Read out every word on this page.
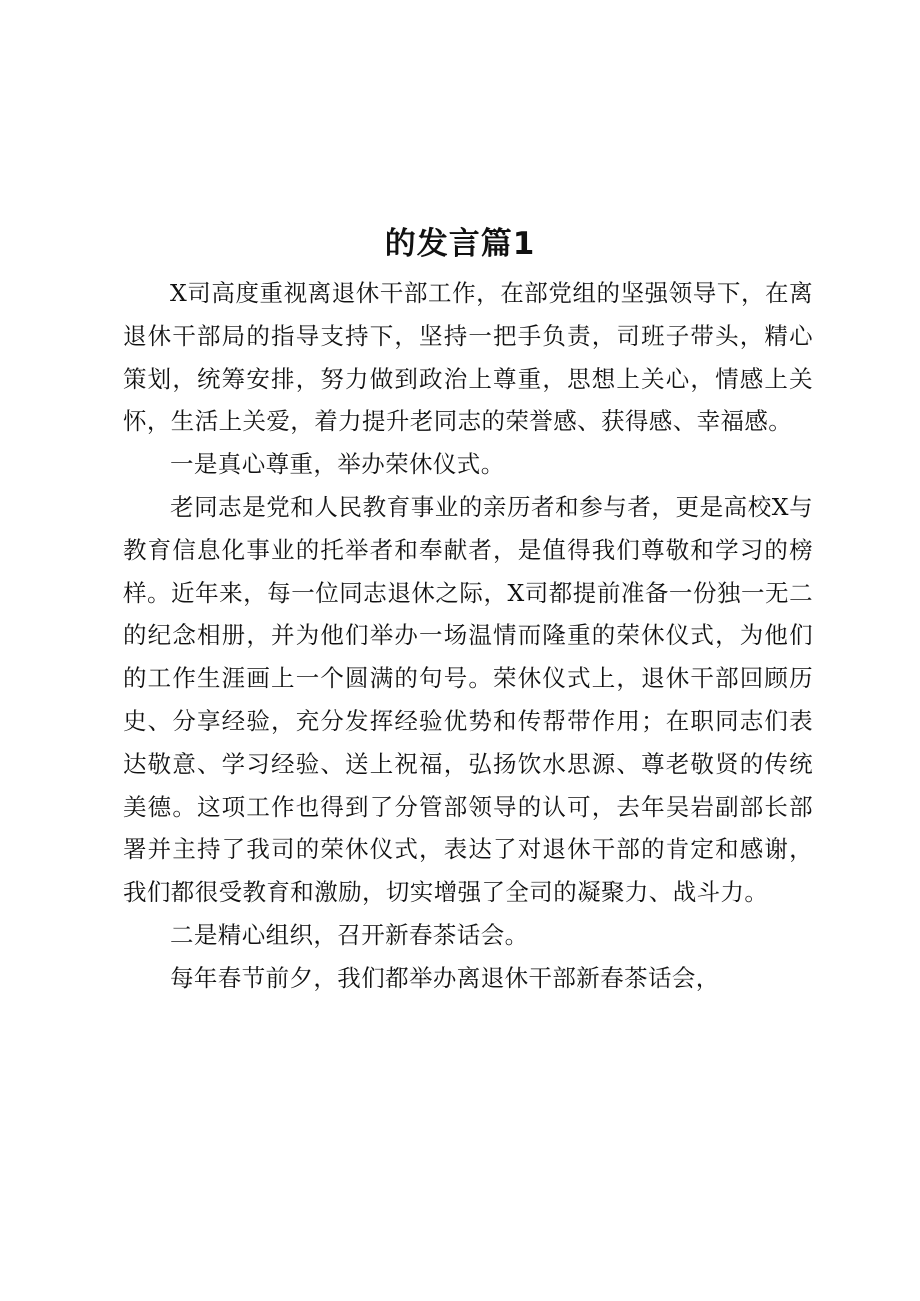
的发言篇1

X司高度重视离退休干部工作，在部党组的坚强领导下，在离退休干部局的指导支持下，坚持一把手负责，司班子带头，精心策划，统筹安排，努力做到政治上尊重，思想上关心，情感上关怀，生活上关爱，着力提升老同志的荣誉感、获得感、幸福感。

一是真心尊重，举办荣休仪式。

老同志是党和人民教育事业的亲历者和参与者，更是高校X与教育信息化事业的托举者和奉献者，是值得我们尊敬和学习的榜样。近年来，每一位同志退休之际，X司都提前准备一份独一无二的纪念相册，并为他们举办一场温情而隆重的荣休仪式，为他们的工作生涯画上一个圆满的句号。荣休仪式上，退休干部回顾历史、分享经验，充分发挥经验优势和传帮带作用；在职同志们表达敬意、学习经验、送上祝福，弘扬饮水思源、尊老敬贤的传统美德。这项工作也得到了分管部领导的认可，去年吴岩副部长部署并主持了我司的荣休仪式，表达了对退休干部的肯定和感谢，我们都很受教育和激励，切实增强了全司的凝聚力、战斗力。

二是精心组织，召开新春茶话会。

每年春节前夕，我们都举办离退休干部新春茶话会，
